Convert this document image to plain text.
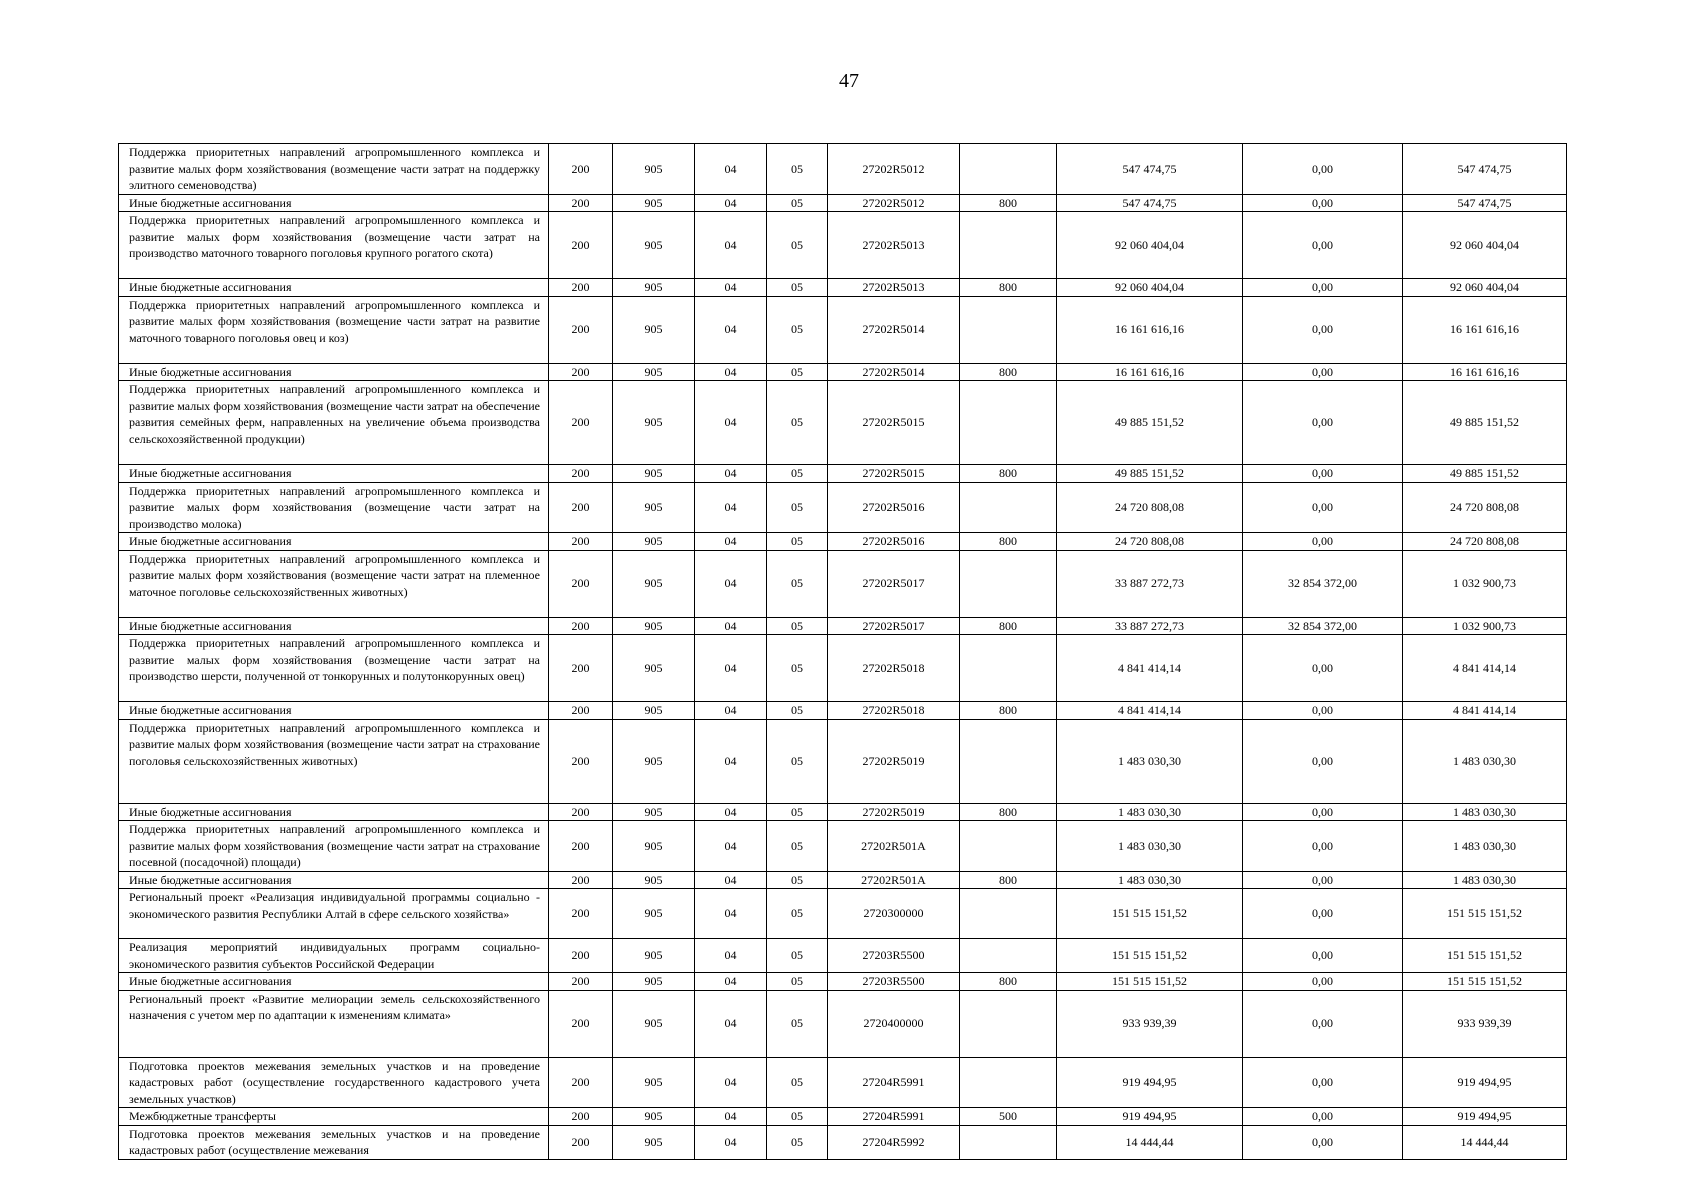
47
Поддержка приоритетных направлений агропромышленного комплекса и развитие малых форм хозяйствования (возмещение части затрат на поддержку элитного семеноводства)	200	905	04	05	27202R5012		547 474,75	0,00	547 474,75
Иные бюджетные ассигнования	200	905	04	05	27202R5012	800	547 474,75	0,00	547 474,75
Поддержка приоритетных направлений агропромышленного комплекса и развитие малых форм хозяйствования (возмещение части затрат на производство маточного товарного поголовья крупного рогатого скота)	200	905	04	05	27202R5013		92 060 404,04	0,00	92 060 404,04
Иные бюджетные ассигнования	200	905	04	05	27202R5013	800	92 060 404,04	0,00	92 060 404,04
Поддержка приоритетных направлений агропромышленного комплекса и развитие малых форм хозяйствования (возмещение части затрат на развитие маточного товарного поголовья овец и коз)	200	905	04	05	27202R5014		16 161 616,16	0,00	16 161 616,16
Иные бюджетные ассигнования	200	905	04	05	27202R5014	800	16 161 616,16	0,00	16 161 616,16
Поддержка приоритетных направлений агропромышленного комплекса и развитие малых форм хозяйствования (возмещение части затрат на обеспечение развития семейных ферм, направленных на увеличение объема производства сельскохозяйственной продукции)	200	905	04	05	27202R5015		49 885 151,52	0,00	49 885 151,52
Иные бюджетные ассигнования	200	905	04	05	27202R5015	800	49 885 151,52	0,00	49 885 151,52
Поддержка приоритетных направлений агропромышленного комплекса и развитие малых форм хозяйствования (возмещение части затрат на производство молока)	200	905	04	05	27202R5016		24 720 808,08	0,00	24 720 808,08
Иные бюджетные ассигнования	200	905	04	05	27202R5016	800	24 720 808,08	0,00	24 720 808,08
Поддержка приоритетных направлений агропромышленного комплекса и развитие малых форм хозяйствования (возмещение части затрат на племенное маточное поголовье сельскохозяйственных животных)	200	905	04	05	27202R5017		33 887 272,73	32 854 372,00	1 032 900,73
Иные бюджетные ассигнования	200	905	04	05	27202R5017	800	33 887 272,73	32 854 372,00	1 032 900,73
Поддержка приоритетных направлений агропромышленного комплекса и развитие малых форм хозяйствования (возмещение части затрат на производство шерсти, полученной от тонкорунных и полутонкорунных овец)	200	905	04	05	27202R5018		4 841 414,14	0,00	4 841 414,14
Иные бюджетные ассигнования	200	905	04	05	27202R5018	800	4 841 414,14	0,00	4 841 414,14
Поддержка приоритетных направлений агропромышленного комплекса и развитие малых форм хозяйствования (возмещение части затрат на страхование поголовья сельскохозяйственных животных)	200	905	04	05	27202R5019		1 483 030,30	0,00	1 483 030,30
Иные бюджетные ассигнования	200	905	04	05	27202R5019	800	1 483 030,30	0,00	1 483 030,30
Поддержка приоритетных направлений агропромышленного комплекса и развитие малых форм хозяйствования (возмещение части затрат на страхование посевной (посадочной) площади)	200	905	04	05	27202R501A		1 483 030,30	0,00	1 483 030,30
Иные бюджетные ассигнования	200	905	04	05	27202R501A	800	1 483 030,30	0,00	1 483 030,30
Региональный проект «Реализация индивидуальной программы социально - экономического развития Республики Алтай в сфере сельского хозяйства»	200	905	04	05	2720300000		151 515 151,52	0,00	151 515 151,52
Реализация мероприятий индивидуальных программ социально-экономического развития субъектов Российской Федерации	200	905	04	05	27203R5500		151 515 151,52	0,00	151 515 151,52
Иные бюджетные ассигнования	200	905	04	05	27203R5500	800	151 515 151,52	0,00	151 515 151,52
Региональный проект «Развитие мелиорации земель сельскохозяйственного назначения с учетом мер по адаптации к изменениям климата»	200	905	04	05	2720400000		933 939,39	0,00	933 939,39
Подготовка проектов межевания земельных участков и на проведение кадастровых работ (осуществление государственного кадастрового учета земельных участков)	200	905	04	05	27204R5991		919 494,95	0,00	919 494,95
Межбюджетные трансферты	200	905	04	05	27204R5991	500	919 494,95	0,00	919 494,95
Подготовка проектов межевания земельных участков и на проведение кадастровых работ (осуществление межевания	200	905	04	05	27204R5992		14 444,44	0,00	14 444,44
